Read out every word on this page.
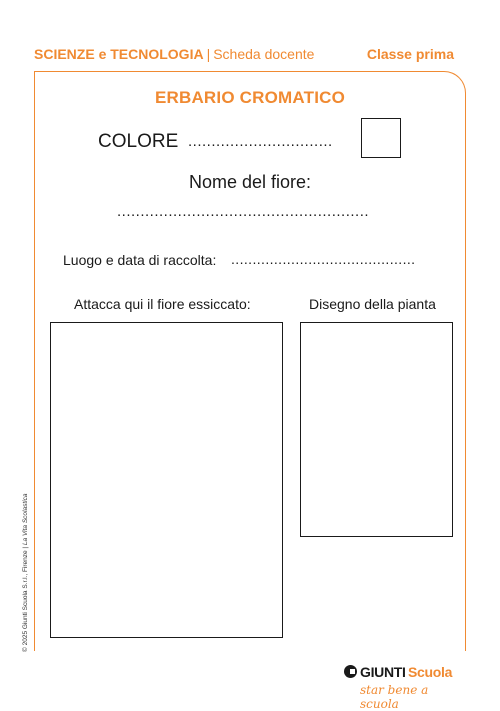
SCIENZE e TECNOLOGIA | Scheda docente	Classe prima
ERBARIO CROMATICO
COLORE ...............................
Nome del fiore:
......................................................
Luogo e data di raccolta: ...........................................
Attacca qui il fiore essiccato:	Disegno della pianta
© 2025 Giunti Scuola S.r.l., Firenze | La Vita Scolastica
GIUNTI Scuola
star bene a scuola
